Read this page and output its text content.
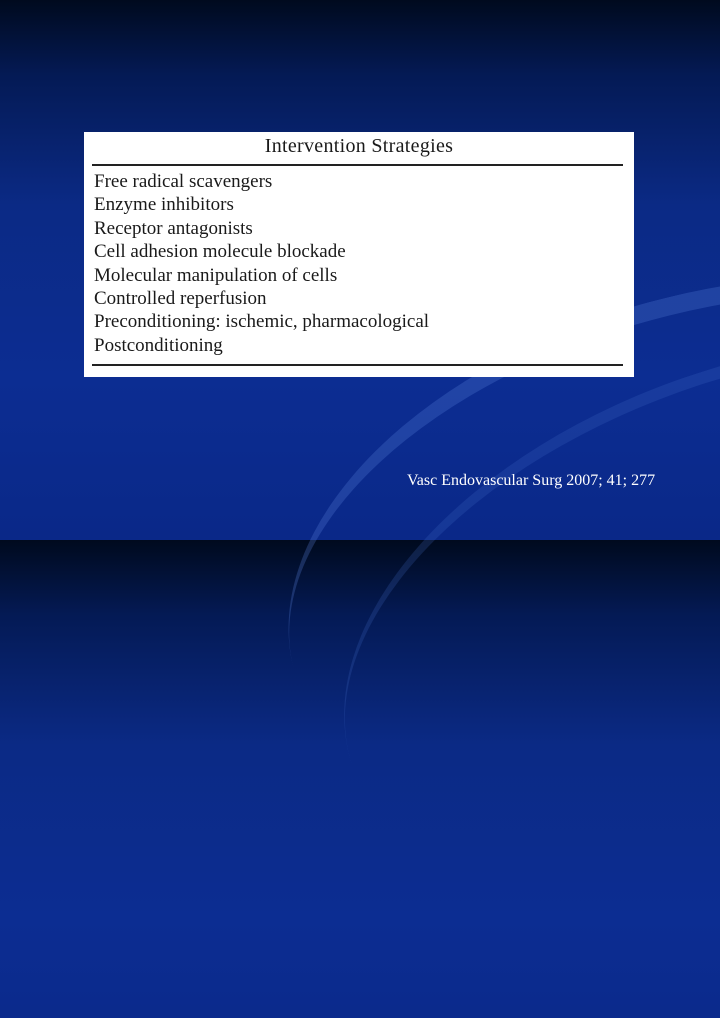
Intervention Strategies
Free radical scavengers
Enzyme inhibitors
Receptor antagonists
Cell adhesion molecule blockade
Molecular manipulation of cells
Controlled reperfusion
Preconditioning: ischemic, pharmacological
Postconditioning
Vasc Endovascular Surg 2007; 41; 277
